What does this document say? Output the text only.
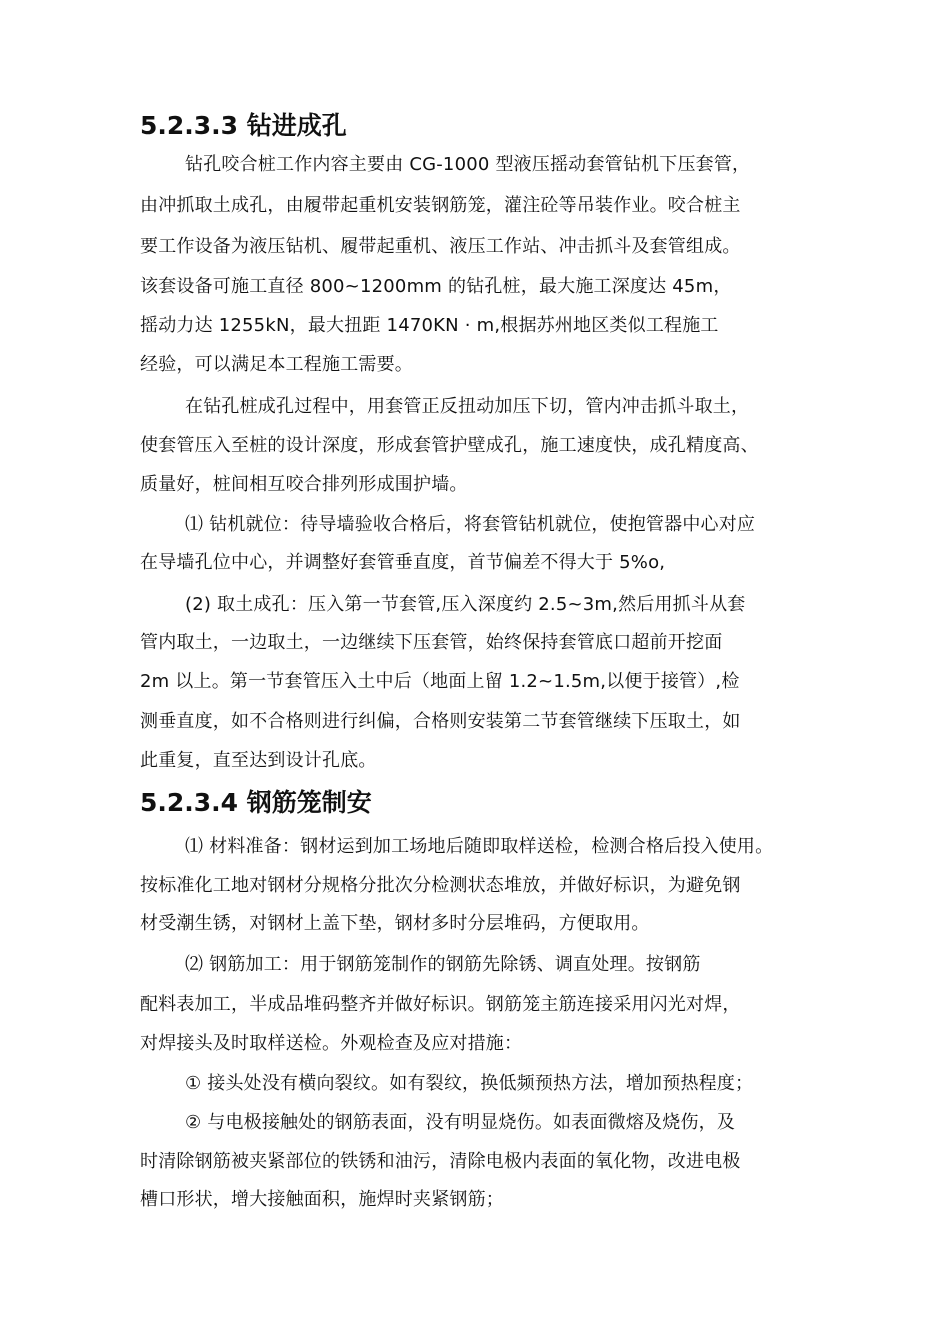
5.2.3.3 钻进成孔
钻孔咬合桩工作内容主要由 CG-1000 型液压摇动套管钻机下压套管，
由冲抓取土成孔，由履带起重机安装钢筋笼，灌注砼等吊装作业。咬合桩主
要工作设备为液压钻机、履带起重机、液压工作站、冲击抓斗及套管组成。
该套设备可施工直径 800~1200mm 的钻孔桩，最大施工深度达 45m，
摇动力达 1255kN，最大扭距 1470KN · m,根据苏州地区类似工程施工
经验，可以满足本工程施工需要。
在钻孔桩成孔过程中，用套管正反扭动加压下切，管内冲击抓斗取土，
使套管压入至桩的设计深度，形成套管护壁成孔，施工速度快，成孔精度高、
质量好，桩间相互咬合排列形成围护墙。
⑴ 钻机就位：待导墙验收合格后，将套管钻机就位，使抱管器中心对应
在导墙孔位中心，并调整好套管垂直度，首节偏差不得大于 5%o,
(2) 取土成孔：压入第一节套管,压入深度约 2.5~3m,然后用抓斗从套
管内取土，一边取土，一边继续下压套管，始终保持套管底口超前开挖面
2m 以上。第一节套管压入土中后（地面上留 1.2~1.5m,以便于接管）,检
测垂直度，如不合格则进行纠偏，合格则安装第二节套管继续下压取土，如
此重复，直至达到设计孔底。
5.2.3.4 钢筋笼制安
⑴ 材料准备：钢材运到加工场地后随即取样送检，检测合格后投入使用。
按标准化工地对钢材分规格分批次分检测状态堆放，并做好标识，为避免钢
材受潮生锈，对钢材上盖下垫，钢材多时分层堆码，方便取用。
⑵ 钢筋加工：用于钢筋笼制作的钢筋先除锈、调直处理。按钢筋
配料表加工，半成品堆码整齐并做好标识。钢筋笼主筋连接采用闪光对焊，
对焊接头及时取样送检。外观检查及应对措施：
① 接头处没有横向裂纹。如有裂纹，换低频预热方法，增加预热程度；
② 与电极接触处的钢筋表面，没有明显烧伤。如表面微熔及烧伤，及
时清除钢筋被夹紧部位的铁锈和油污，清除电极内表面的氧化物，改进电极
槽口形状，增大接触面积，施焊时夹紧钢筋；
